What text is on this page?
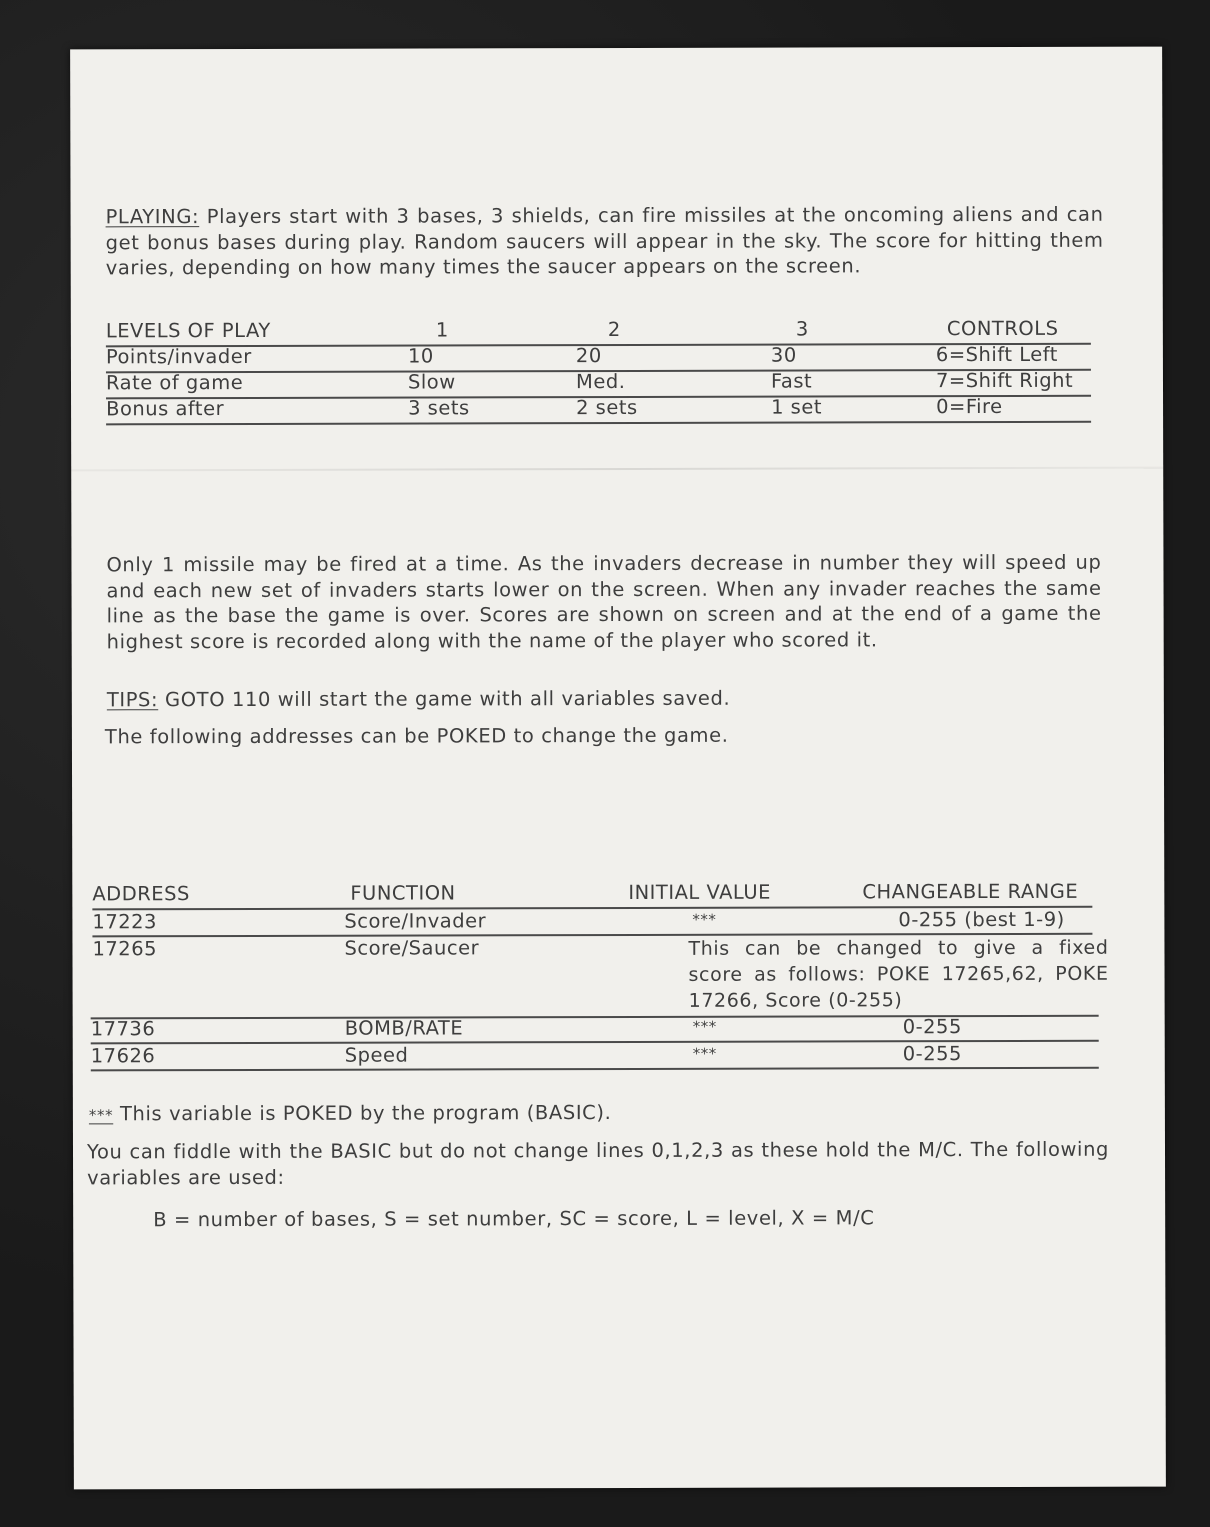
PLAYING: Players start with 3 bases, 3 shields, can fire missiles at the oncoming aliens and can get bonus bases during play. Random saucers will appear in the sky. The score for hitting them varies, depending on how many times the saucer appears on the screen.

LEVELS OF PLAY	1	2	3	CONTROLS
Points/invader	10	20	30	6=Shift Left
Rate of game	Slow	Med.	Fast	7=Shift Right
Bonus after	3 sets	2 sets	1 set	0=Fire

Only 1 missile may be fired at a time. As the invaders decrease in number they will speed up and each new set of invaders starts lower on the screen. When any invader reaches the same line as the base the game is over. Scores are shown on screen and at the end of a game the highest score is recorded along with the name of the player who scored it.

TIPS: GOTO 110 will start the game with all variables saved.

The following addresses can be POKED to change the game.

ADDRESS	FUNCTION	INITIAL VALUE	CHANGEABLE RANGE
17223	Score/Invader	***	0-255 (best 1-9)
17265	Score/Saucer	This can be changed to give a fixed score as follows: POKE 17265,62, POKE 17266, Score (0-255)

17736	BOMB/RATE	***	0-255
17626	Speed	***	0-255

*** This variable is POKED by the program (BASIC).

You can fiddle with the BASIC but do not change lines 0,1,2,3 as these hold the M/C. The following variables are used:

B = number of bases, S = set number, SC = score, L = level, X = M/C
